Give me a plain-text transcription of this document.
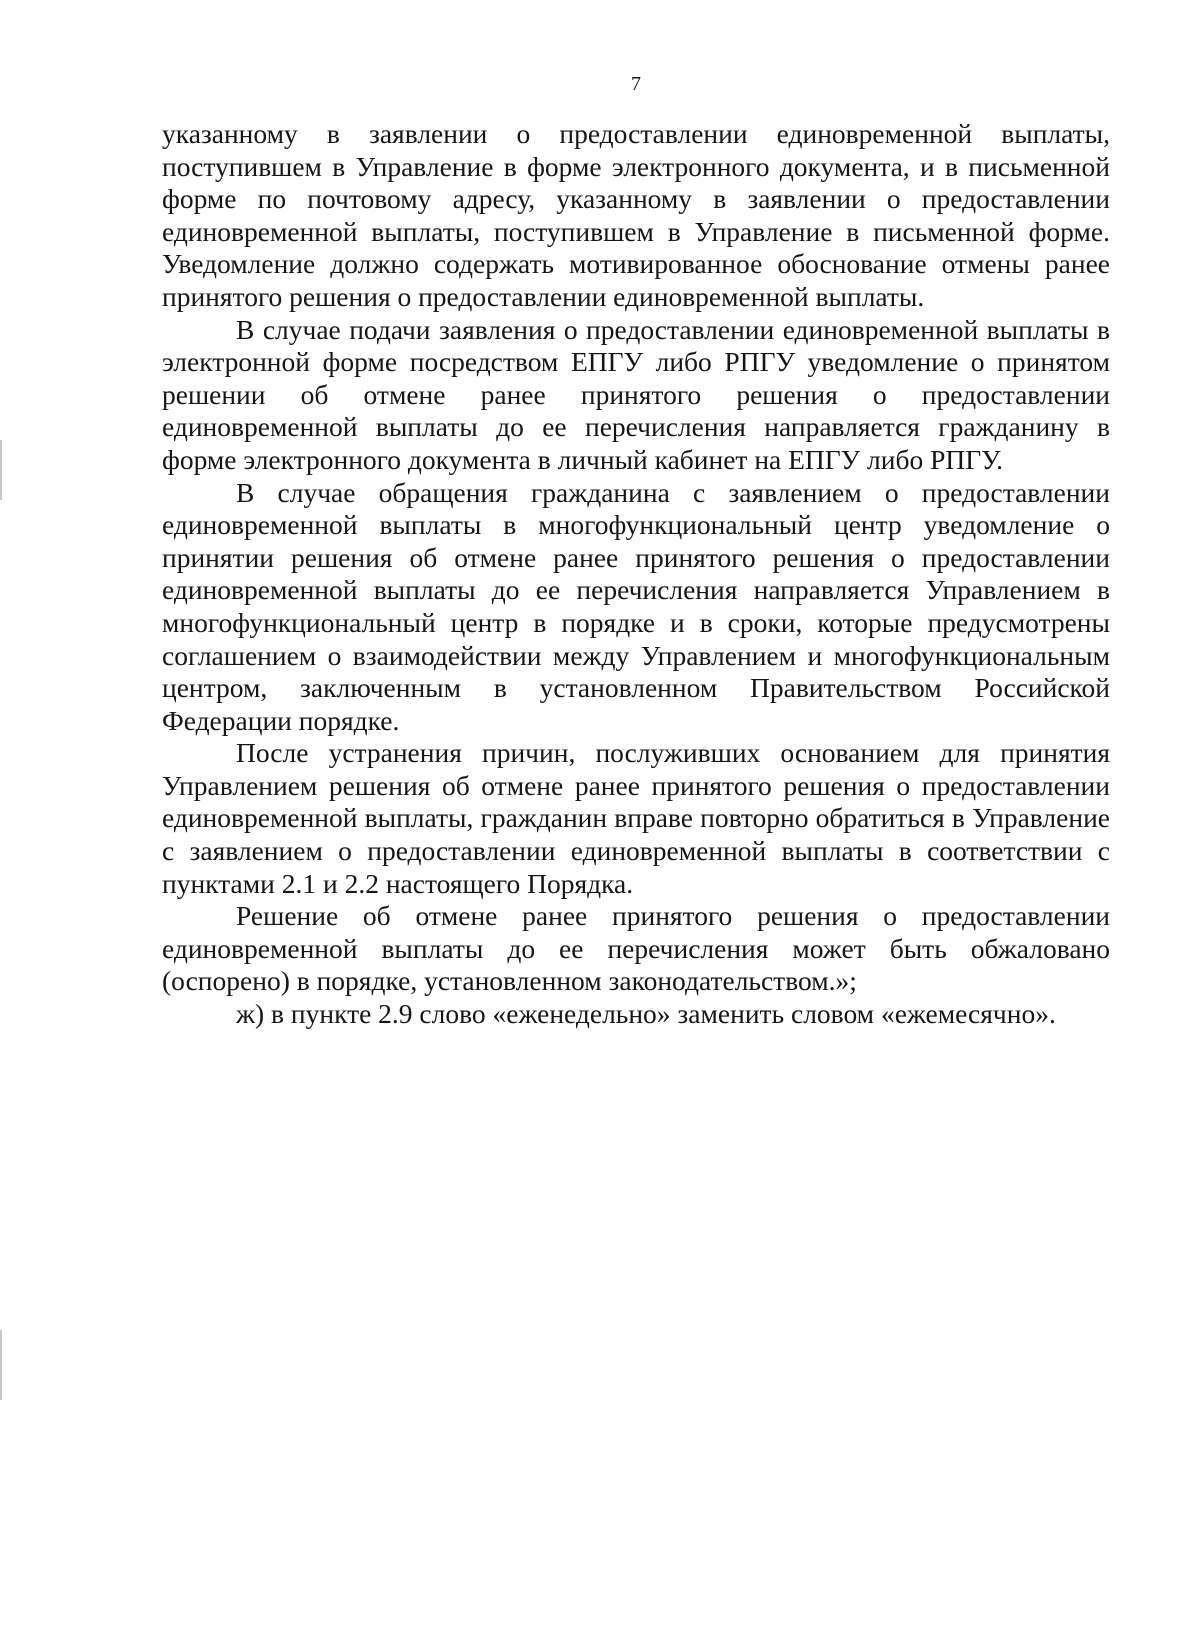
7

указанному в заявлении о предоставлении единовременной выплаты, поступившем в Управление в форме электронного документа, и в письменной форме по почтовому адресу, указанному в заявлении о предоставлении единовременной выплаты, поступившем в Управление в письменной форме. Уведомление должно содержать мотивированное обоснование отмены ранее принятого решения о предоставлении единовременной выплаты.

В случае подачи заявления о предоставлении единовременной выплаты в электронной форме посредством ЕПГУ либо РПГУ уведомление о принятом решении об отмене ранее принятого решения о предоставлении единовременной выплаты до ее перечисления направляется гражданину в форме электронного документа в личный кабинет на ЕПГУ либо РПГУ.

В случае обращения гражданина с заявлением о предоставлении единовременной выплаты в многофункциональный центр уведомление о принятии решения об отмене ранее принятого решения о предоставлении единовременной выплаты до ее перечисления направляется Управлением в многофункциональный центр в порядке и в сроки, которые предусмотрены соглашением о взаимодействии между Управлением и многофункциональным центром, заключенным в установленном Правительством Российской Федерации порядке.

После устранения причин, послуживших основанием для принятия Управлением решения об отмене ранее принятого решения о предоставлении единовременной выплаты, гражданин вправе повторно обратиться в Управление с заявлением о предоставлении единовременной выплаты в соответствии с пунктами 2.1 и 2.2 настоящего Порядка.

Решение об отмене ранее принятого решения о предоставлении единовременной выплаты до ее перечисления может быть обжаловано (оспорено) в порядке, установленном законодательством.»;

ж) в пункте 2.9 слово «еженедельно» заменить словом «ежемесячно».
